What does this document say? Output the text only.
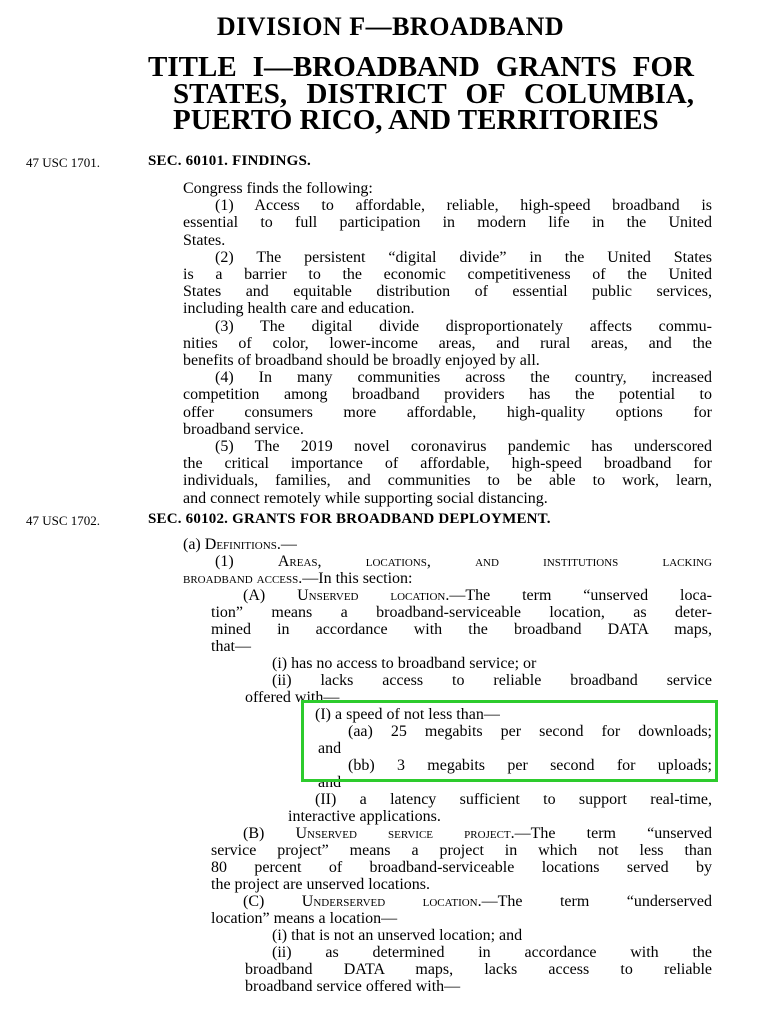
DIVISION F—BROADBAND
TITLE I—BROADBAND GRANTS FOR
STATES, DISTRICT OF COLUMBIA,
PUERTO RICO, AND TERRITORIES
47 USC 1701.
47 USC 1702.
SEC. 60101. FINDINGS.
SEC. 60102. GRANTS FOR BROADBAND DEPLOYMENT.
Congress finds the following:
(1) Access to affordable, reliable, high-speed broadband is
essential to full participation in modern life in the United
States.
(2) The persistent “digital divide” in the United States
is a barrier to the economic competitiveness of the United
States and equitable distribution of essential public services,
including health care and education.
(3) The digital divide disproportionately affects commu-
nities of color, lower-income areas, and rural areas, and the
benefits of broadband should be broadly enjoyed by all.
(4) In many communities across the country, increased
competition among broadband providers has the potential to
offer consumers more affordable, high-quality options for
broadband service.
(5) The 2019 novel coronavirus pandemic has underscored
the critical importance of affordable, high-speed broadband for
individuals, families, and communities to be able to work, learn,
and connect remotely while supporting social distancing.
(a) Definitions.—
(1) Areas, locations, and institutions lacking
broadband access.—In this section:
(A) Unserved location.—The term “unserved loca-
tion” means a broadband-serviceable location, as deter-
mined in accordance with the broadband DATA maps,
that—
(i) has no access to broadband service; or
(ii) lacks access to reliable broadband service
offered with—
(I) a speed of not less than—
(aa) 25 megabits per second for downloads;
and
(bb) 3 megabits per second for uploads;
and
(II) a latency sufficient to support real-time,
interactive applications.
(B) Unserved service project.—The term “unserved
service project” means a project in which not less than
80 percent of broadband-serviceable locations served by
the project are unserved locations.
(C) Underserved location.—The term “underserved
location” means a location—
(i) that is not an unserved location; and
(ii) as determined in accordance with the
broadband DATA maps, lacks access to reliable
broadband service offered with—
